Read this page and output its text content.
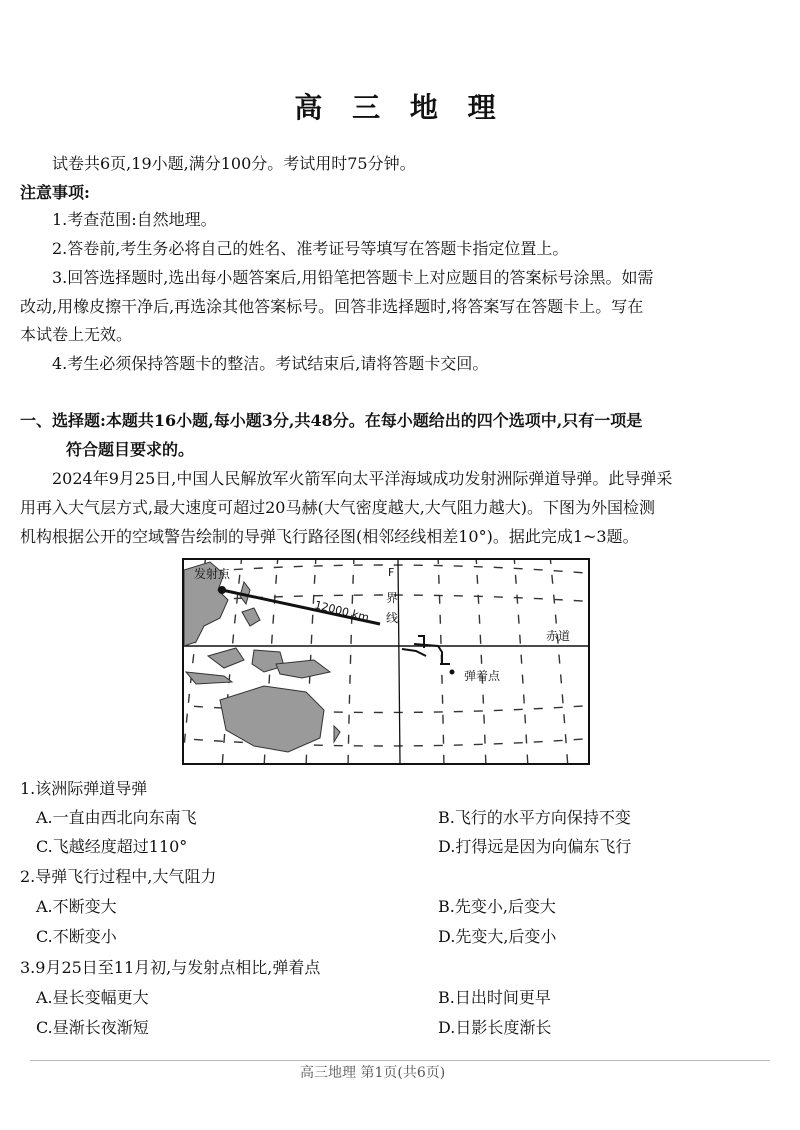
高 三 地 理
试卷共6页,19小题,满分100分。考试用时75分钟。
注意事项:
1.考查范围:自然地理。
2.答卷前,考生务必将自己的姓名、准考证号等填写在答题卡指定位置上。
3.回答选择题时,选出每小题答案后,用铅笔把答题卡上对应题目的答案标号涂黑。如需
改动,用橡皮擦干净后,再选涂其他答案标号。回答非选择题时,将答案写在答题卡上。写在
本试卷上无效。
4.考生必须保持答题卡的整洁。考试结束后,请将答题卡交回。
一、选择题:本题共16小题,每小题3分,共48分。在每小题给出的四个选项中,只有一项是
符合题目要求的。
2024年9月25日,中国人民解放军火箭军向太平洋海域成功发射洲际弹道导弹。此导弹采
用再入大气层方式,最大速度可超过20马赫(大气密度越大,大气阻力越大)。下图为外国检测
机构根据公开的空域警告绘制的导弹飞行路径图(相邻经线相差10°)。据此完成1~3题。
发射点
12000 km
F
界
线
赤道
弹着点
1.该洲际弹道导弹
A.一直由西北向东南飞	B.飞行的水平方向保持不变
C.飞越经度超过110°	D.打得远是因为向偏东飞行
2.导弹飞行过程中,大气阻力
A.不断变大	B.先变小,后变大
C.不断变小	D.先变大,后变小
3.9月25日至11月初,与发射点相比,弹着点
A.昼长变幅更大	B.日出时间更早
C.昼渐长夜渐短	D.日影长度渐长
高三地理 第1页(共6页)
